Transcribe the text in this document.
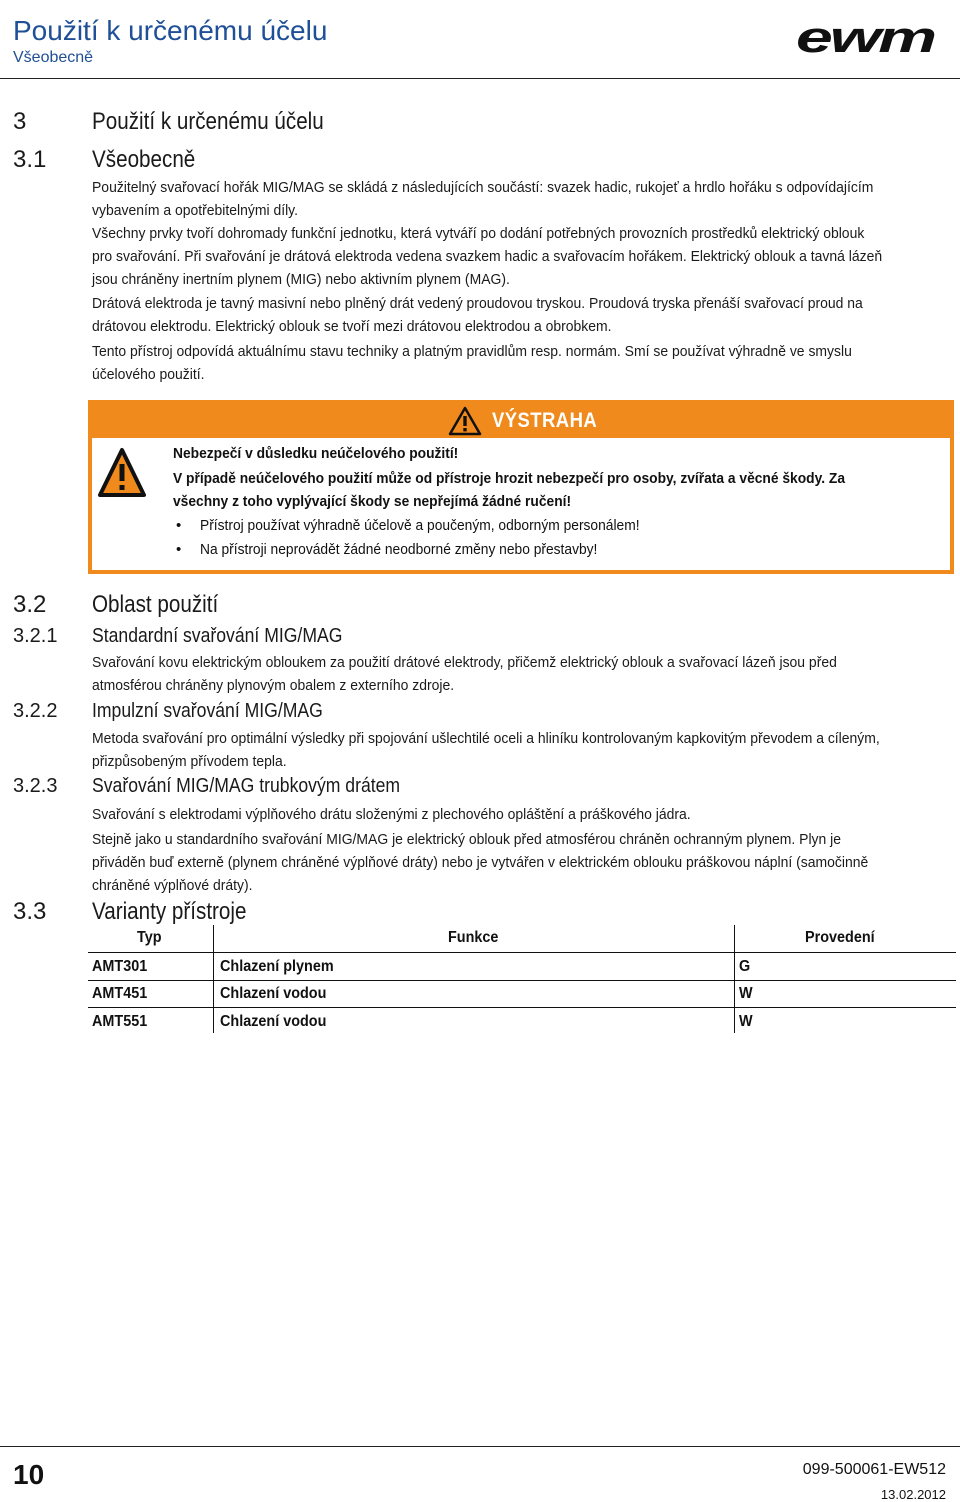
Použití k určenému účelu
Všeobecně	ewm
3	Použití k určenému účelu
3.1 Všeobecně
Použitelný svařovací hořák MIG/MAG se skládá z následujících součástí: svazek hadic, rukojeť a hrdlo hořáku s odpovídajícím
vybavením a opotřebitelnými díly.
Všechny prvky tvoří dohromady funkční jednotku, která vytváří po dodání potřebných provozních prostředků elektrický oblouk
pro svařování. Při svařování je drátová elektroda vedena svazkem hadic a svařovacím hořákem. Elektrický oblouk a tavná lázeň
jsou chráněny inertním plynem (MIG) nebo aktivním plynem (MAG).
Drátová elektroda je tavný masivní nebo plněný drát vedený proudovou tryskou. Proudová tryska přenáší svařovací proud na
drátovou elektrodu. Elektrický oblouk se tvoří mezi drátovou elektrodou a obrobkem.
Tento přístroj odpovídá aktuálnímu stavu techniky a platným pravidlům resp. normám. Smí se používat výhradně ve smyslu
účelového použití.
VÝSTRAHA
Nebezpečí v důsledku neúčelového použití!
V případě neúčelového použití může od přístroje hrozit nebezpečí pro osoby, zvířata a věcné škody. Za
všechny z toho vyplývající škody se nepřejímá žádné ručení!
• Přístroj používat výhradně účelově a poučeným, odborným personálem!
• Na přístroji neprovádět žádné neodborné změny nebo přestavby!
3.2 Oblast použití
3.2.1 Standardní svařování MIG/MAG
Svařování kovu elektrickým obloukem za použití drátové elektrody, přičemž elektrický oblouk a svařovací lázeň jsou před
atmosférou chráněny plynovým obalem z externího zdroje.
3.2.2 Impulzní svařování MIG/MAG
Metoda svařování pro optimální výsledky při spojování ušlechtilé oceli a hliníku kontrolovaným kapkovitým převodem a cíleným,
přizpůsobeným přívodem tepla.
3.2.3 Svařování MIG/MAG trubkovým drátem
Svařování s elektrodami výplňového drátu složenými z plechového opláštění a práškového jádra.
Stejně jako u standardního svařování MIG/MAG je elektrický oblouk před atmosférou chráněn ochranným plynem. Plyn je
přiváděn buď externě (plynem chráněné výplňové dráty) nebo je vytvářen v elektrickém oblouku práškovou náplní (samočinně
chráněné výplňové dráty).
3.3 Varianty přístroje
Typ	Funkce	Provedení
AMT301	Chlazení plynem	G
AMT451	Chlazení vodou	W
AMT551	Chlazení vodou	W
10	099-500061-EW512
13.02.2012
